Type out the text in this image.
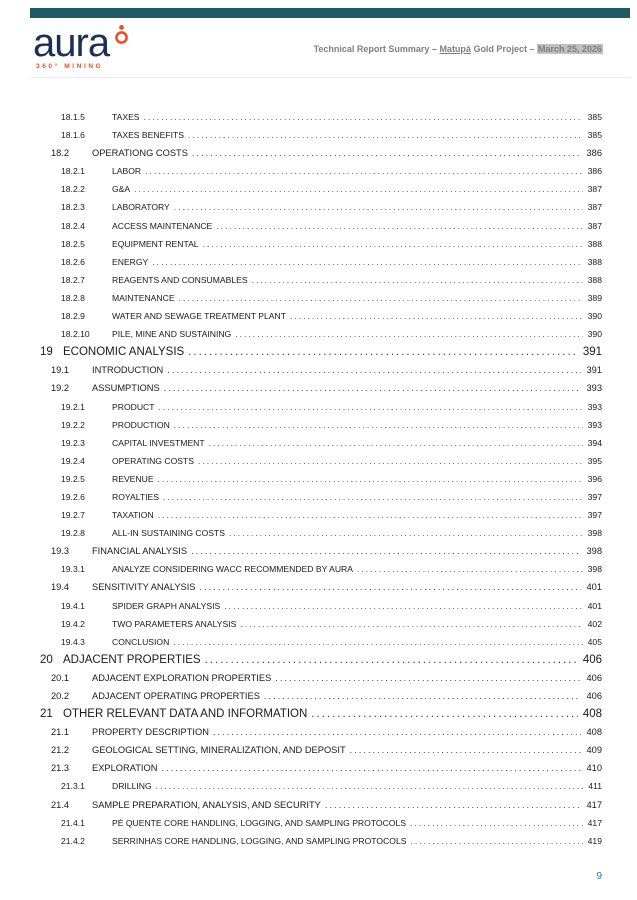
aura
360° MINING
Technical Report Summary – Matupá Gold Project – March 25, 2026
18.1.5	TAXES .....	385
18.1.6	TAXES BENEFITS .....	385
18.2	OPERATIONG COSTS .....	386
18.2.1	LABOR .....	386
18.2.2	G&A .....	387
18.2.3	LABORATORY .....	387
18.2.4	ACCESS MAINTENANCE .....	387
18.2.5	EQUIPMENT RENTAL .....	388
18.2.6	ENERGY .....	388
18.2.7	REAGENTS AND CONSUMABLES .....	388
18.2.8	MAINTENANCE .....	389
18.2.9	WATER AND SEWAGE TREATMENT PLANT .....	390
18.2.10	PILE, MINE AND SUSTAINING .....	390
19 ECONOMIC ANALYSIS .....	391
19.1	INTRODUCTION .....	391
19.2	ASSUMPTIONS .....	393
19.2.1	PRODUCT .....	393
19.2.2	PRODUCTION .....	393
19.2.3	CAPITAL INVESTMENT .....	394
19.2.4	OPERATING COSTS .....	395
19.2.5	REVENUE .....	396
19.2.6	ROYALTIES .....	397
19.2.7	TAXATION .....	397
19.2.8	ALL-IN SUSTAINING COSTS .....	398
19.3	FINANCIAL ANALYSIS .....	398
19.3.1	ANALYZE CONSIDERING WACC RECOMMENDED BY AURA .....	398
19.4	SENSITIVITY ANALYSIS .....	401
19.4.1	SPIDER GRAPH ANALYSIS .....	401
19.4.2	TWO PARAMETERS ANALYSIS .....	402
19.4.3	CONCLUSION .....	405
20 ADJACENT PROPERTIES .....	406
20.1	ADJACENT EXPLORATION PROPERTIES .....	406
20.2	ADJACENT OPERATING PROPERTIES .....	406
21 OTHER RELEVANT DATA AND INFORMATION .....	408
21.1	PROPERTY DESCRIPTION .....	408
21.2	GEOLOGICAL SETTING, MINERALIZATION, AND DEPOSIT .....	409
21.3	EXPLORATION .....	410
21.3.1	DRILLING .....	411
21.4	SAMPLE PREPARATION, ANALYSIS, AND SECURITY .....	417
21.4.1	PÉ QUENTE CORE HANDLING, LOGGING, AND SAMPLING PROTOCOLS .....	417
21.4.2	SERRINHAS CORE HANDLING, LOGGING, AND SAMPLING PROTOCOLS .....	419
9
